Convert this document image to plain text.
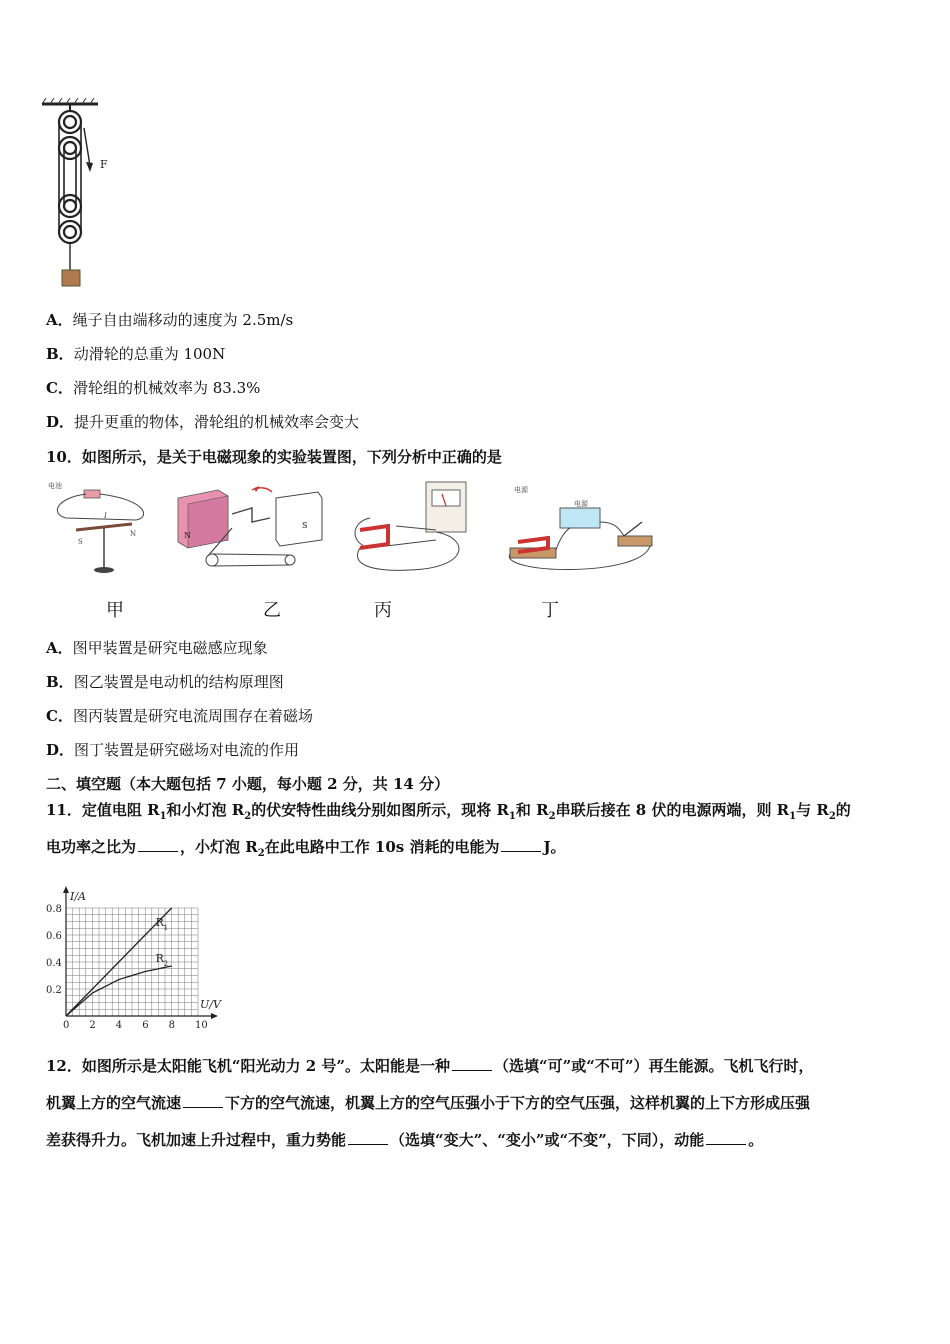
F
A．绳子自由端移动的速度为 2.5m/s
B．动滑轮的总重为 100N
C．滑轮组的机械效率为 83.3%
D．提升更重的物体，滑轮组的机械效率会变大
10．如图所示，是关于电磁现象的实验装置图，下列分析中正确的是
电池
I
S
N	N
S
电源
电源
甲	乙	丙	丁
A．图甲装置是研究电磁感应现象
B．图乙装置是电动机的结构原理图
C．图丙装置是研究电流周围存在着磁场
D．图丁装置是研究磁场对电流的作用
二、填空题（本大题包括 7 小题，每小题 2 分，共 14 分）
11．定值电阻 $R_1$和小灯泡 $R_2$的伏安特性曲线分别如图所示，现将 $R_1$和 $R_2$串联后接在 8 伏的电源两端，则 $R_1$与 $R_2$的
电功率之比为	，小灯泡 $R_2$在此电路中工作 10s 消耗的电能为	J。
0 2 4 6 8 10
0.2
0.4
0.6
0.8
I/A
U/V
R 1
R 2
12．如图所示是太阳能飞机“阳光动力 2 号”。太阳能是一种	（选填“可”或“不可”）再生能源。飞机飞行时，
机翼上方的空气流速	下方的空气流速，机翼上方的空气压强小于下方的空气压强，这样机翼的上下方形成压强
差获得升力。飞机加速上升过程中，重力势能	（选填“变大”、“变小”或“不变”，下同），动能	。
